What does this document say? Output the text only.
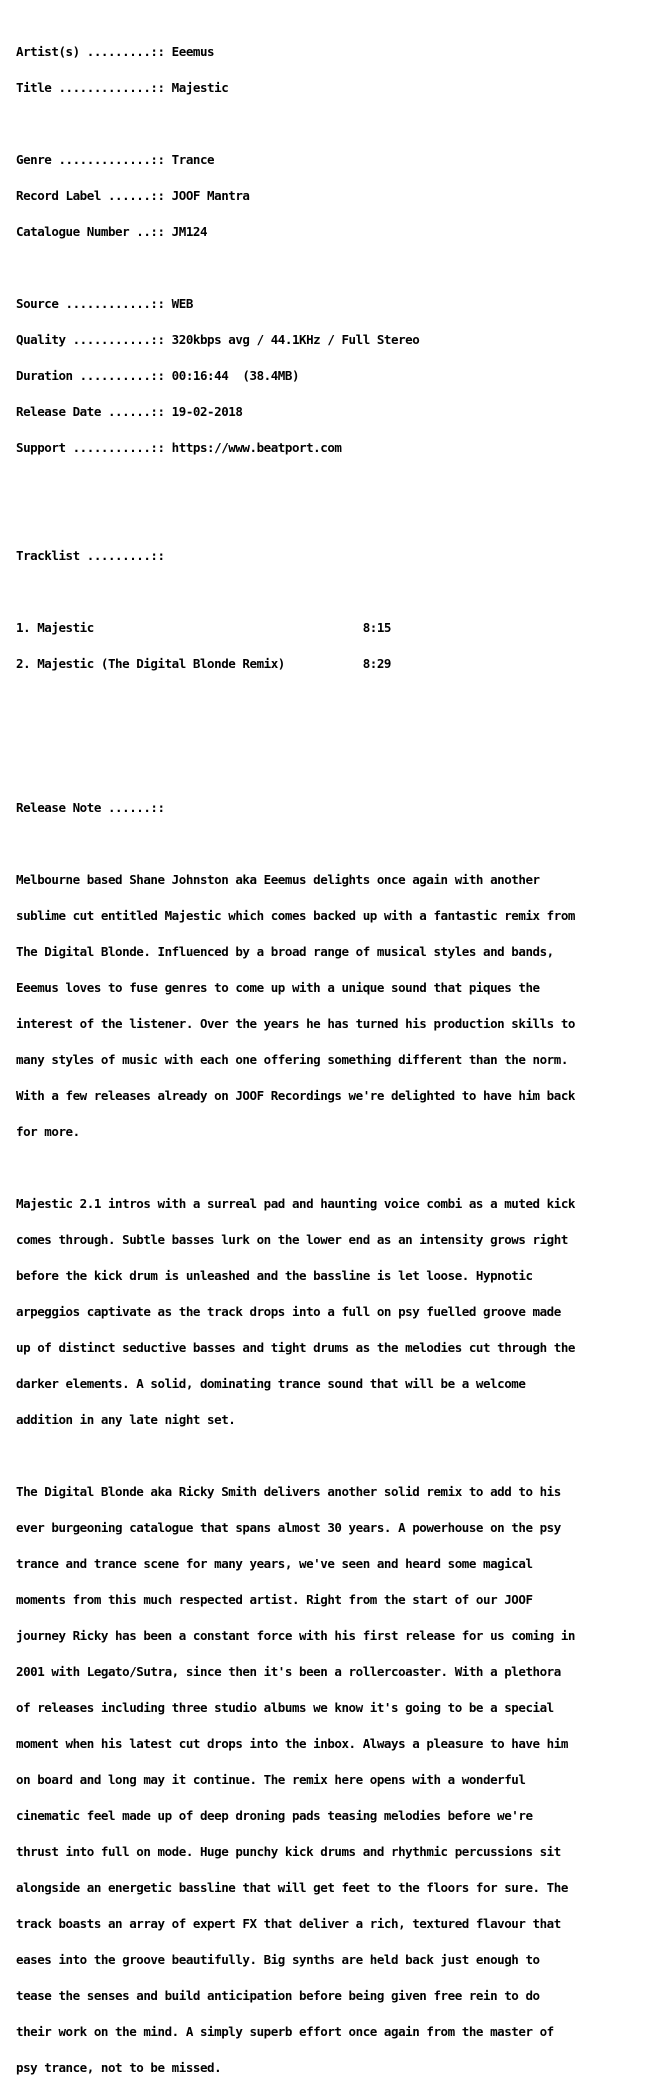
Artist(s) .........:: Eeemus

Title .............:: Majestic

Genre .............:: Trance

Record Label ......:: JOOF Mantra

Catalogue Number ..:: JM124

Source ............:: WEB

Quality ...........:: 320kbps avg / 44.1KHz / Full Stereo

Duration ..........:: 00:16:44  (38.4MB)

Release Date ......:: 19-02-2018

Support ...........:: https://www.beatport.com

Tracklist .........::

1. Majestic                                      8:15

2. Majestic (The Digital Blonde Remix)           8:29

Release Note ......::

Melbourne based Shane Johnston aka Eeemus delights once again with another

sublime cut entitled Majestic which comes backed up with a fantastic remix from

The Digital Blonde. Influenced by a broad range of musical styles and bands,

Eeemus loves to fuse genres to come up with a unique sound that piques the

interest of the listener. Over the years he has turned his production skills to

many styles of music with each one offering something different than the norm.

With a few releases already on JOOF Recordings we're delighted to have him back

for more.

Majestic 2.1 intros with a surreal pad and haunting voice combi as a muted kick

comes through. Subtle basses lurk on the lower end as an intensity grows right

before the kick drum is unleashed and the bassline is let loose. Hypnotic

arpeggios captivate as the track drops into a full on psy fuelled groove made

up of distinct seductive basses and tight drums as the melodies cut through the

darker elements. A solid, dominating trance sound that will be a welcome

addition in any late night set.

The Digital Blonde aka Ricky Smith delivers another solid remix to add to his

ever burgeoning catalogue that spans almost 30 years. A powerhouse on the psy

trance and trance scene for many years, we've seen and heard some magical

moments from this much respected artist. Right from the start of our JOOF

journey Ricky has been a constant force with his first release for us coming in

2001 with Legato/Sutra, since then it's been a rollercoaster. With a plethora

of releases including three studio albums we know it's going to be a special

moment when his latest cut drops into the inbox. Always a pleasure to have him

on board and long may it continue. The remix here opens with a wonderful

cinematic feel made up of deep droning pads teasing melodies before we're

thrust into full on mode. Huge punchy kick drums and rhythmic percussions sit

alongside an energetic bassline that will get feet to the floors for sure. The

track boasts an array of expert FX that deliver a rich, textured flavour that

eases into the groove beautifully. Big synths are held back just enough to

tease the senses and build anticipation before being given free rein to do

their work on the mind. A simply superb effort once again from the master of

psy trance, not to be missed.
